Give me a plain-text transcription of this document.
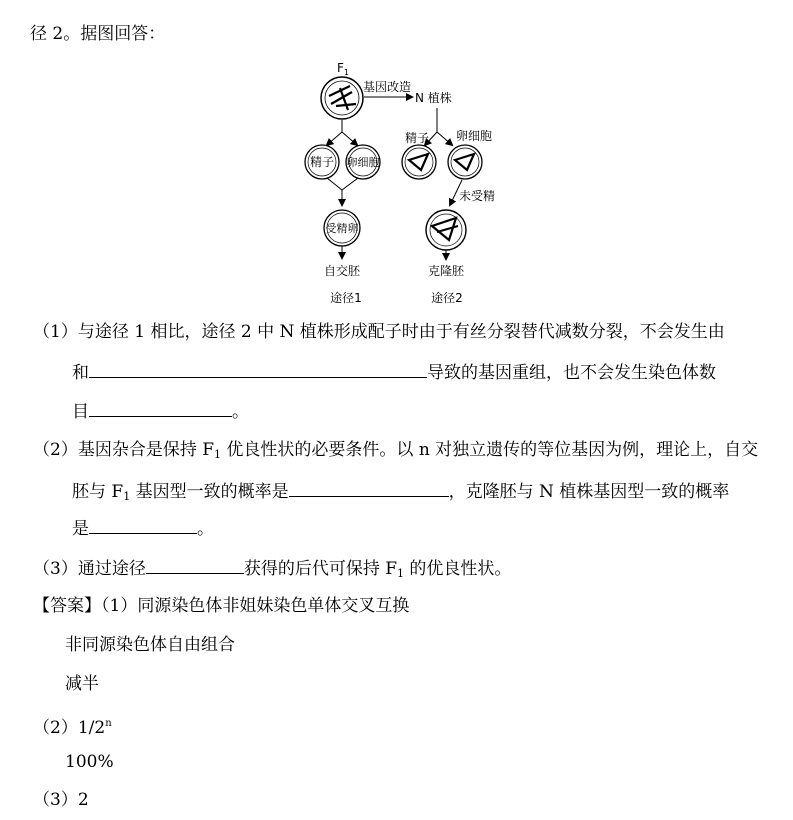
径 2。据图回答：
$F_1$
基因改造
N 植株
精子 卵细胞
受精卵
自交胚
途径1
精子 卵细胞
未受精
克隆胚
途径2
（1）与途径 1 相比，途径 2 中 N 植株形成配子时由于有丝分裂替代减数分裂，不会发生由
和	导致的基因重组，也不会发生染色体数
目	。
（2）基因杂合是保持 $F_1$ 优良性状的必要条件。以 n 对独立遗传的等位基因为例，理论上，自交
胚与 $F_1$ 基因型一致的概率是	，克隆胚与 N 植株基因型一致的概率
是	。
（3）通过途径	获得的后代可保持 $F_1$ 的优良性状。
【答案】（1）同源染色体非姐妹染色单体交叉互换
非同源染色体自由组合
减半
（2）1/2$^n$
100%
（3）2
